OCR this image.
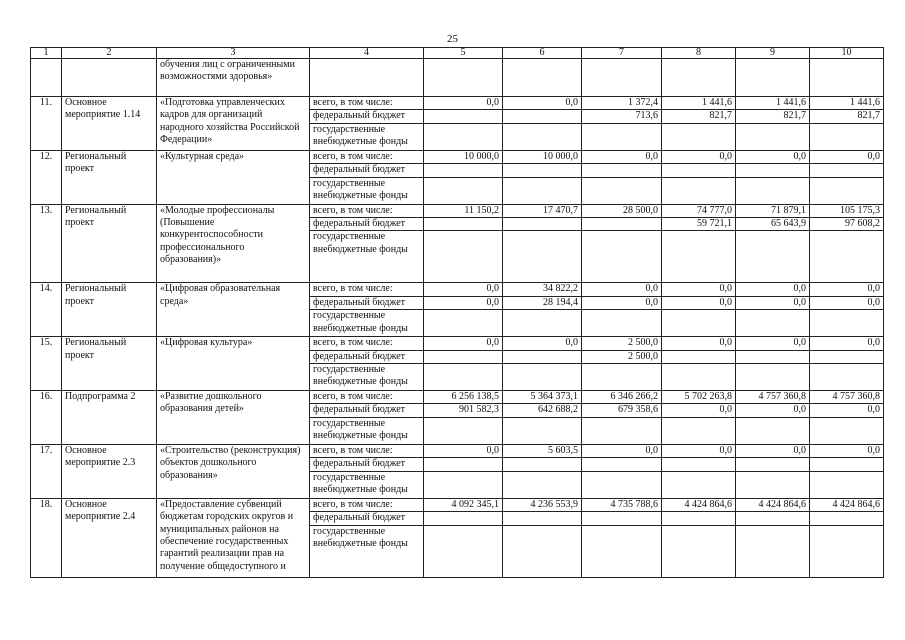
25
1	2	3	4	5	6	7	8	9	10
		обучения лиц с ограниченными возможностями здоровья»							
11.	Основное мероприятие 1.14	«Подготовка управленческих кадров для организаций народного хозяйства Российской Федерации»	всего, в том числе:	0,0	0,0	1 372,4	1 441,6	1 441,6	1 441,6
			федеральный бюджет			713,6	821,7	821,7	821,7
			государственные внебюджетные фонды						
12.	Региональный проект	«Культурная среда»	всего, в том числе:	10 000,0	10 000,0	0,0	0,0	0,0	0,0
			федеральный бюджет						
			государственные внебюджетные фонды						
13.	Региональный проект	«Молодые профессионалы (Повышение конкурентоспособности профессионального образования)»	всего, в том числе:	11 150,2	17 470,7	28 500,0	74 777,0	71 879,1	105 175,3
			федеральный бюджет				59 721,1	65 643,9	97 608,2
			государственные внебюджетные фонды						
14.	Региональный проект	«Цифровая образовательная среда»	всего, в том числе:	0,0	34 822,2	0,0	0,0	0,0	0,0
			федеральный бюджет	0,0	28 194,4	0,0	0,0	0,0	0,0
			государственные внебюджетные фонды						
15.	Региональный проект	«Цифровая культура»	всего, в том числе:	0,0	0,0	2 500,0	0,0	0,0	0,0
			федеральный бюджет			2 500,0			
			государственные внебюджетные фонды						
16.	Подпрограмма 2	«Развитие дошкольного образования детей»	всего, в том числе:	6 256 138,5	5 364 373,1	6 346 266,2	5 702 263,8	4 757 360,8	4 757 360,8
			федеральный бюджет	901 582,3	642 688,2	679 358,6	0,0	0,0	0,0
			государственные внебюджетные фонды						
17.	Основное мероприятие 2.3	«Строительство (реконструкция) объектов дошкольного образования»	всего, в том числе:	0,0	5 603,5	0,0	0,0	0,0	0,0
			федеральный бюджет						
			государственные внебюджетные фонды						
18.	Основное мероприятие 2.4	«Предоставление субвенций бюджетам городских округов и муниципальных районов на обеспечение государственных гарантий реализации прав на получение общедоступного и	всего, в том числе:	4 092 345,1	4 236 553,9	4 735 788,6	4 424 864,6	4 424 864,6	4 424 864,6
			федеральный бюджет						
			государственные внебюджетные фонды						
